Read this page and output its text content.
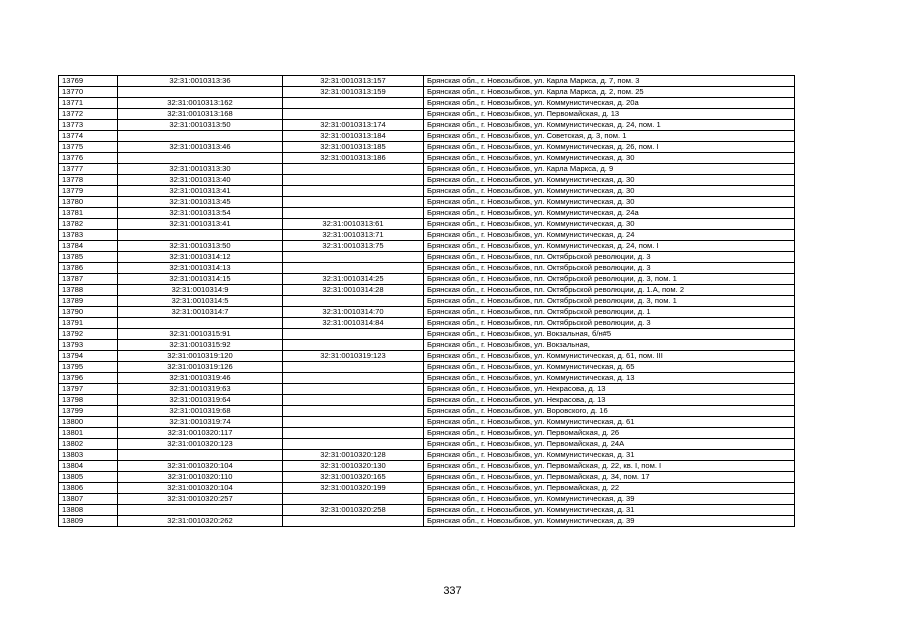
13769	32:31:0010313:36	32:31:0010313:157	Брянская обл., г. Новозыбков, ул. Карла Маркса, д. 7, пом. 3
13770		32:31:0010313:159	Брянская обл., г. Новозыбков, ул. Карла Маркса, д. 2, пом. 25
13771	32:31:0010313:162		Брянская обл., г. Новозыбков, ул. Коммунистическая, д. 20а
13772	32:31:0010313:168		Брянская обл., г. Новозыбков, ул. Первомайская, д. 13
13773	32:31:0010313:50	32:31:0010313:174	Брянская обл., г. Новозыбков, ул. Коммунистическая, д. 24, пом. 1
13774		32:31:0010313:184	Брянская обл., г. Новозыбков, ул. Советская, д. 3, пом. 1
13775	32:31:0010313:46	32:31:0010313:185	Брянская обл., г. Новозыбков, ул. Коммунистическая, д. 26, пом. I
13776		32:31:0010313:186	Брянская обл., г. Новозыбков, ул. Коммунистическая, д. 30
13777	32:31:0010313:30		Брянская обл., г. Новозыбков, ул. Карла Маркса, д. 9
13778	32:31:0010313:40		Брянская обл., г. Новозыбков, ул. Коммунистическая, д. 30
13779	32:31:0010313:41		Брянская обл., г. Новозыбков, ул. Коммунистическая, д. 30
13780	32:31:0010313:45		Брянская обл., г. Новозыбков, ул. Коммунистическая, д. 30
13781	32:31:0010313:54		Брянская обл., г. Новозыбков, ул. Коммунистическая, д. 24а
13782	32:31:0010313:41	32:31:0010313:61	Брянская обл., г. Новозыбков, ул. Коммунистическая, д. 30
13783		32:31:0010313:71	Брянская обл., г. Новозыбков, ул. Коммунистическая, д. 24
13784	32:31:0010313:50	32:31:0010313:75	Брянская обл., г. Новозыбков, ул. Коммунистическая, д. 24, пом. I
13785	32:31:0010314:12		Брянская обл., г. Новозыбков, пл. Октябрьской революции, д. 3
13786	32:31:0010314:13		Брянская обл., г. Новозыбков, пл. Октябрьской революции, д. 3
13787	32:31:0010314:15	32:31:0010314:25	Брянская обл., г. Новозыбков, пл. Октябрьской революции, д. 3, пом. 1
13788	32:31:0010314:9	32:31:0010314:28	Брянская обл., г. Новозыбков, пл. Октябрьской революции, д. 1.А, пом. 2
13789	32:31:0010314:5		Брянская обл., г. Новозыбков, пл. Октябрьской революции, д. 3, пом. 1
13790	32:31:0010314:7	32:31:0010314:70	Брянская обл., г. Новозыбков, пл. Октябрьской революции, д. 1
13791		32:31:0010314:84	Брянская обл., г. Новозыбков, пл. Октябрьской революции, д. 3
13792	32:31:0010315:91		Брянская обл., г. Новозыбков, ул. Вокзальная, б/н#5
13793	32:31:0010315:92		Брянская обл., г. Новозыбков, ул. Вокзальная,
13794	32:31:0010319:120	32:31:0010319:123	Брянская обл., г. Новозыбков, ул. Коммунистическая, д. 61, пом. III
13795	32:31:0010319:126		Брянская обл., г. Новозыбков, ул. Коммунистическая, д. 65
13796	32:31:0010319:46		Брянская обл., г. Новозыбков, ул. Коммунистическая, д. 13
13797	32:31:0010319:63		Брянская обл., г. Новозыбков, ул. Некрасова, д. 13
13798	32:31:0010319:64		Брянская обл., г. Новозыбков, ул. Некрасова, д. 13
13799	32:31:0010319:68		Брянская обл., г. Новозыбков, ул. Воровского, д. 16
13800	32:31:0010319:74		Брянская обл., г. Новозыбков, ул. Коммунистическая, д. 61
13801	32:31:0010320:117		Брянская обл., г. Новозыбков, ул. Первомайская, д. 26
13802	32:31:0010320:123		Брянская обл., г. Новозыбков, ул. Первомайская, д. 24А
13803		32:31:0010320:128	Брянская обл., г. Новозыбков, ул. Коммунистическая, д. 31
13804	32:31:0010320:104	32:31:0010320:130	Брянская обл., г. Новозыбков, ул. Первомайская, д. 22, кв. I, пом. I
13805	32:31:0010320:110	32:31:0010320:165	Брянская обл., г. Новозыбков, ул. Первомайская, д. 34, пом. 17
13806	32:31:0010320:104	32:31:0010320:199	Брянская обл., г. Новозыбков, ул. Первомайская, д. 22
13807	32:31:0010320:257		Брянская обл., г. Новозыбков, ул. Коммунистическая, д. 39
13808		32:31:0010320:258	Брянская обл., г. Новозыбков, ул. Коммунистическая, д. 31
13809	32:31:0010320:262		Брянская обл., г. Новозыбков, ул. Коммунистическая, д. 39
337
